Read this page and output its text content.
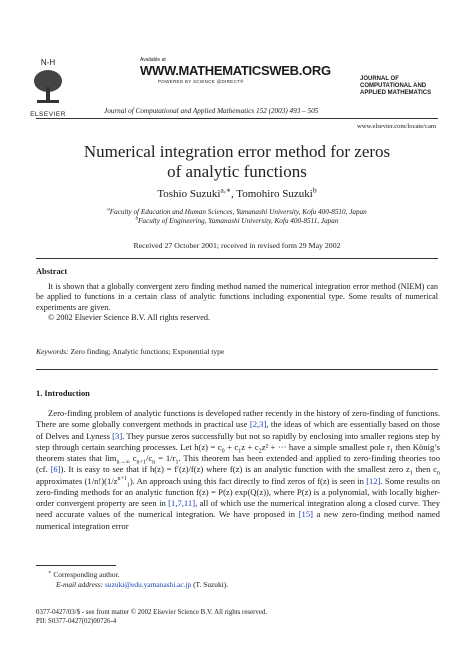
N-H
ELSEVIER
Available at
WWW.MATHEMATICSWEB.ORG
POWERED BY SCIENCE @DIRECT®	JOURNAL OF
COMPUTATIONAL AND
APPLIED MATHEMATICS
Journal of Computational and Applied Mathematics 152 (2003) 493 – 505
www.elsevier.com/locate/cam
Numerical integration error method for zeros
of analytic functions
Toshio Suzuki$^{a,∗}$, Tomohiro Suzuki$^b$
$^a$Faculty of Education and Human Sciences, Yamanashi University, Kofu 400-8510, Japan
$^b$Faculty of Engineering, Yamanashi University, Kofu 400-8511, Japan
Received 27 October 2001; received in revised form 29 May 2002
Abstract
It is shown that a globally convergent zero finding method named the numerical integration error method (NIEM) can be applied to functions in a certain class of analytic functions including exponential type. Some results of numerical experiments are given.
© 2002 Elsevier Science B.V. All rights reserved.
Keywords: Zero finding; Analytic functions; Exponential type
1. Introduction
Zero-finding problem of analytic functions is developed rather recently in the history of zero-finding of functions. There are some globally convergent methods in practical use [2,3], the ideas of which are essentially based on those of Delves and Lyness [3]. They pursue zeros successfully but not so rapidly by enclosing into smaller regions step by step through certain searching processes. Let $h(z) = c_0 + c_1z + c_2z^2$ + ··· have a simple smallest pole $r_1$ then König’s theorem states that $\lim_{n\to\infty} c_{n+1}/c_n = 1/r_1$. This theorem has been extended and applied to zero-finding theories too (cf. [6]). It is easy to see that if h(z) = f′(z)/f(z) where f(z) is an analytic function with the smallest zero $z_1$ then $c_n$ approximates $(1/n!)(1/z^{n+1}_1)$. An approach using this fact directly to find zeros of f(z) is seen in [12]. Some results on zero-finding methods for an analytic function f(z) = P(z) exp(Q(z)), where P(z) is a polynomial, with locally higher-order convergent property are seen in [1,7,11], all of which use the numerical integration along a closed curve. They need accurate values of the numerical integration. We have proposed in [15] a new zero-finding method named numerical integration error
∗ Corresponding author.
E-mail address: suzuki@edu.yamanashi.ac.jp (T. Suzuki).
0377-0427/03/$ - see front matter © 2002 Elsevier Science B.V. All rights reserved.
PII: S0377-0427(02)00726-4
